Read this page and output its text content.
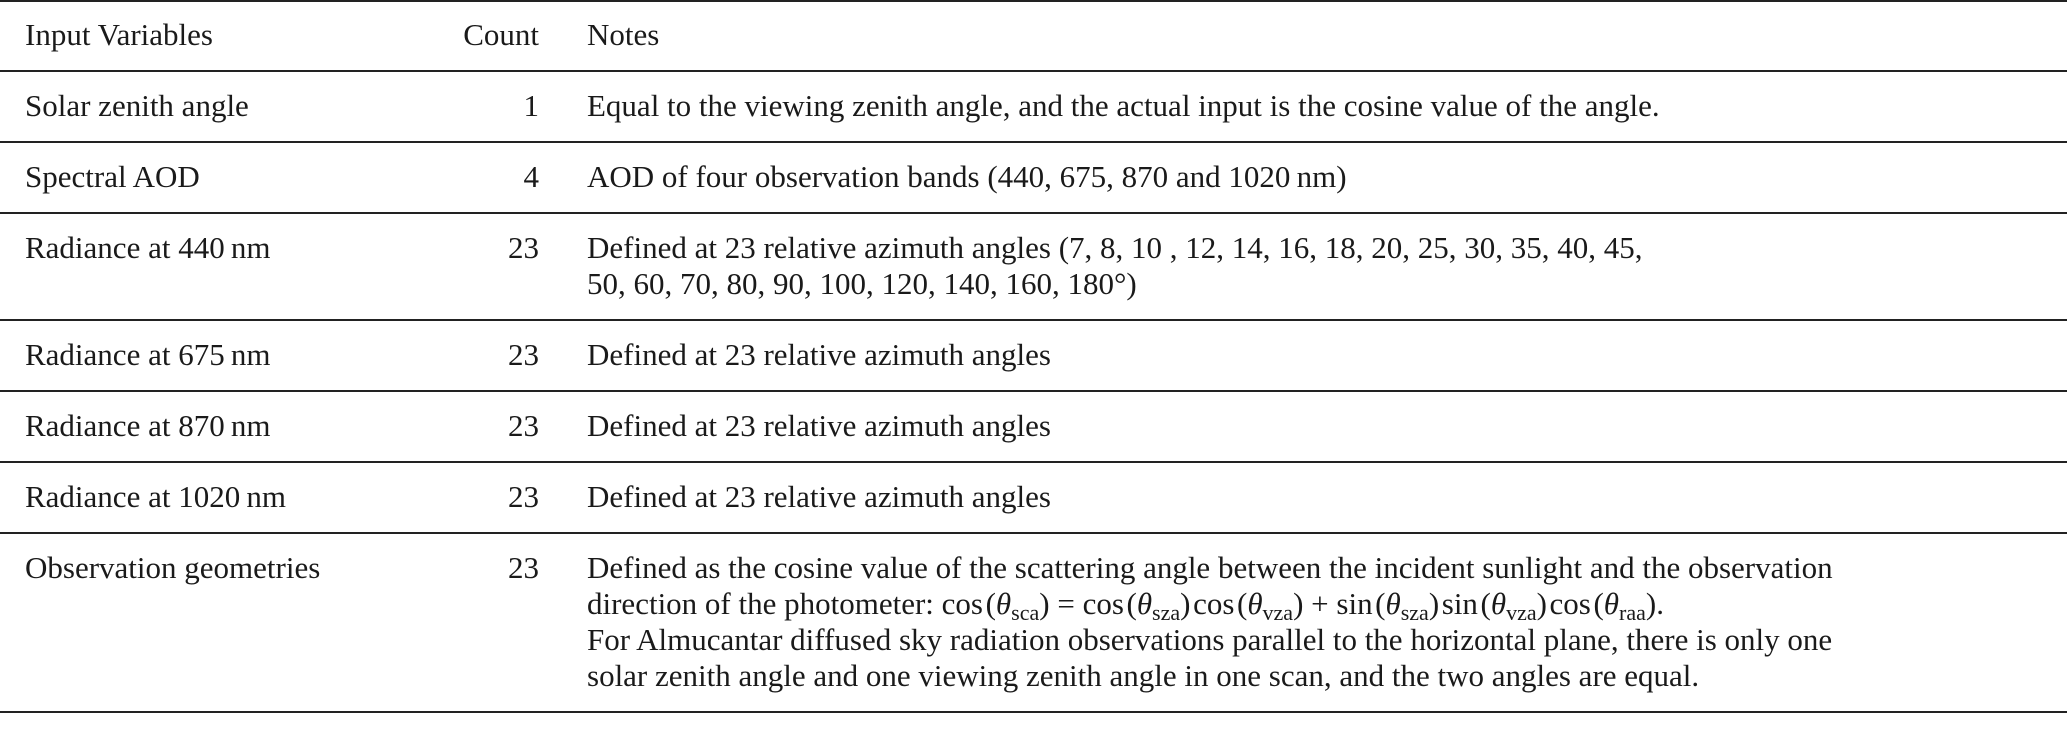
Input Variables	Count		Notes
Solar zenith angle	1		Equal to the viewing zenith angle, and the actual input is the cosine value of the angle.

Spectral AOD	4		AOD of four observation bands (440, 675, 870 and 1020 nm)

Radiance at 440 nm	23		Defined at 23 relative azimuth angles (7, 8, 10 , 12, 14, 16, 18, 20, 25, 30, 35, 40, 45,
50, 60, 70, 80, 90, 100, 120, 140, 160, 180°)

Radiance at 675 nm	23		Defined at 23 relative azimuth angles

Radiance at 870 nm	23		Defined at 23 relative azimuth angles

Radiance at 1020 nm	23		Defined at 23 relative azimuth angles

Observation geometries	23		Defined as the cosine value of the scattering angle between the incident sunlight and the observation
direction of the photometer: cos $(\theta_{sca}) = \cos$ $(\theta_{sza})$ cos $(\theta_{vza}) + \sin$ $(\theta_{sza})$ sin $(\theta_{vza})$ cos $(\theta_{raa})$.
For Almucantar diffused sky radiation observations parallel to the horizontal plane, there is only one
solar zenith angle and one viewing zenith angle in one scan, and the two angles are equal.
